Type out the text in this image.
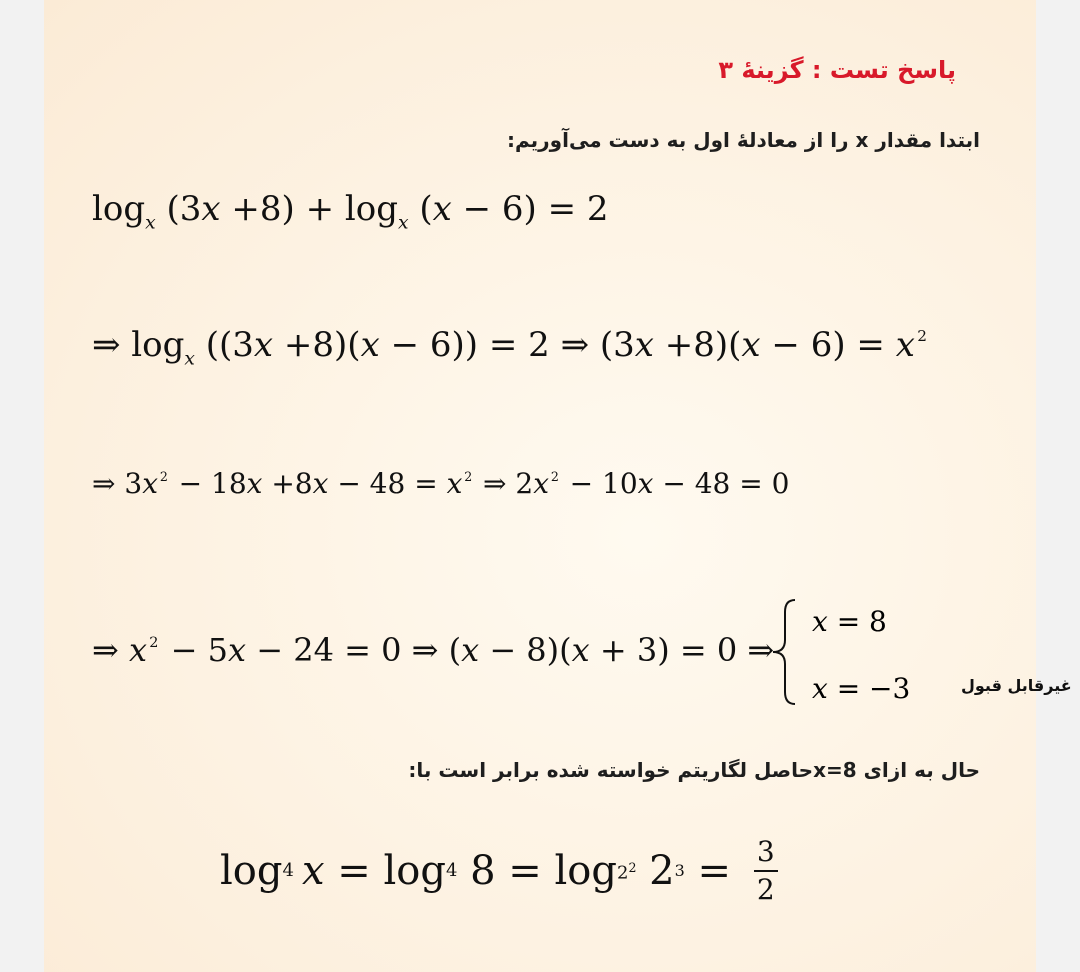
پاسخ تست : گزینهٔ ۳
ابتدا مقدار x را از معادلهٔ اول به دست می‌آوریم:
$\log_x (3x +8) + \log_x (x - 6) = 2$
⇒ $\log_x ((3x +8)(x - 6)) = 2$ ⇒ (3x +8)(x − 6) = x $^2$
⇒ 3x $^2$ − 18x +8x − 48 = x $^2$ ⇒ 2x $^2$ − 10x − 48 = 0
⇒ x $^2$ − 5x − 24 = 0 ⇒ (x − 8)(x + 3) = 0 ⇒
x = 8
x = −3	غیرقابل قبول
حال به ازای x=8حاصل لگاریتم خواسته شده برابر است با:
log 4 x = log 4 $8 = \log 2^2$ 2 $3 = \frac{3}{2}$
